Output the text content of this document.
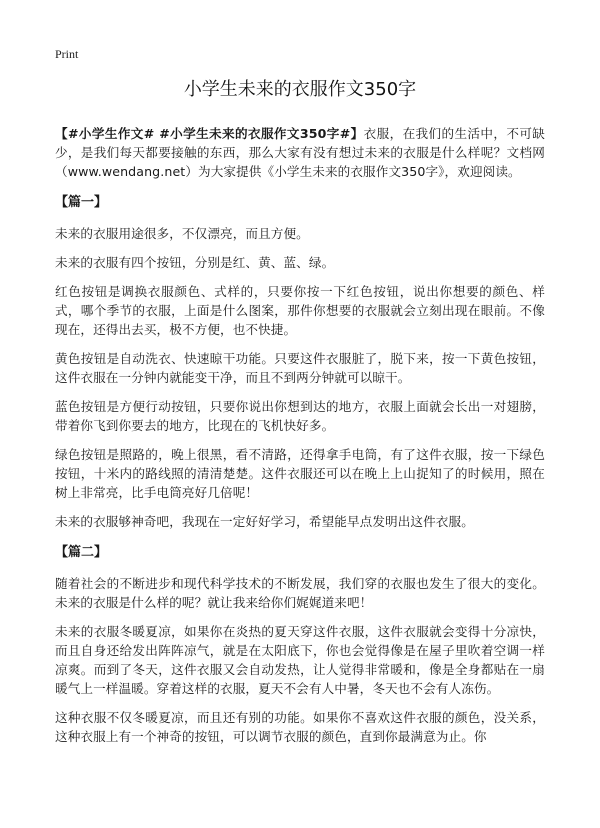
Print
小学生未来的衣服作文350字

【#小学生作文# #小学生未来的衣服作文350字#】衣服，在我们的生活中，不可缺少，是我们每天都要接触的东西，那么大家有没有想过未来的衣服是什么样呢？文档网（www.wendang.net）为大家提供《小学生未来的衣服作文350字》，欢迎阅读。

【篇一】

未来的衣服用途很多，不仅漂亮，而且方便。

未来的衣服有四个按钮，分别是红、黄、蓝、绿。

红色按钮是调换衣服颜色、式样的，只要你按一下红色按钮，说出你想要的颜色、样式，哪个季节的衣服，上面是什么图案，那件你想要的衣服就会立刻出现在眼前。不像现在，还得出去买，极不方便，也不快捷。

黄色按钮是自动洗衣、快速晾干功能。只要这件衣服脏了，脱下来，按一下黄色按钮，这件衣服在一分钟内就能变干净，而且不到两分钟就可以晾干。

蓝色按钮是方便行动按钮，只要你说出你想到达的地方，衣服上面就会长出一对翅膀，带着你飞到你要去的地方，比现在的飞机快好多。

绿色按钮是照路的，晚上很黑，看不清路，还得拿手电筒，有了这件衣服，按一下绿色按钮，十米内的路线照的清清楚楚。这件衣服还可以在晚上上山捉知了的时候用，照在树上非常亮，比手电筒亮好几倍呢！

未来的衣服够神奇吧，我现在一定好好学习，希望能早点发明出这件衣服。

【篇二】

随着社会的不断进步和现代科学技术的不断发展，我们穿的衣服也发生了很大的变化。未来的衣服是什么样的呢？就让我来给你们娓娓道来吧！

未来的衣服冬暖夏凉，如果你在炎热的夏天穿这件衣服，这件衣服就会变得十分凉快，而且自身还给发出阵阵凉气，就是在太阳底下，你也会觉得像是在屋子里吹着空调一样凉爽。而到了冬天，这件衣服又会自动发热，让人觉得非常暖和，像是全身都贴在一扇暖气上一样温暖。穿着这样的衣服，夏天不会有人中暑，冬天也不会有人冻伤。

这种衣服不仅冬暖夏凉，而且还有别的功能。如果你不喜欢这件衣服的颜色，没关系，这种衣服上有一个神奇的按钮，可以调节衣服的颜色，直到你最满意为止。你
